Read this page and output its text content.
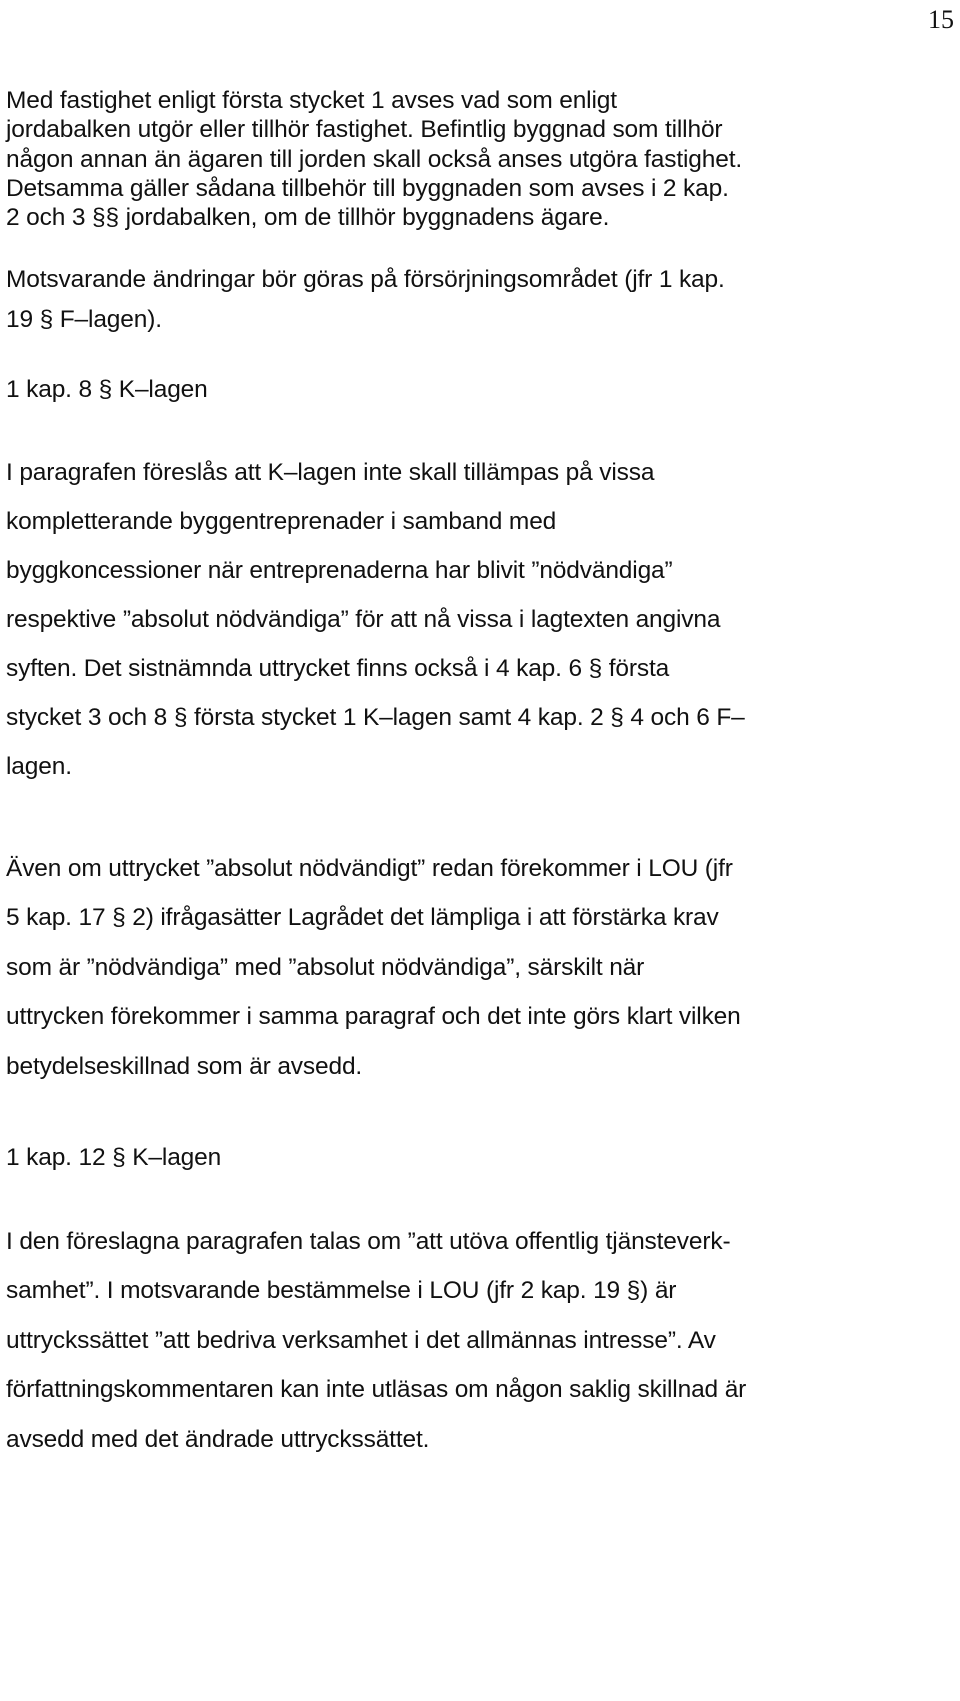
15
Med fastighet enligt första stycket 1 avses vad som enligt
jordabalken utgör eller tillhör fastighet. Befintlig byggnad som tillhör
någon annan än ägaren till jorden skall också anses utgöra fastighet.
Detsamma gäller sådana tillbehör till byggnaden som avses i 2 kap.
2 och 3 §§ jordabalken, om de tillhör byggnadens ägare.
Motsvarande ändringar bör göras på försörjningsområdet (jfr 1 kap.
19 § F–lagen).
1 kap. 8 § K–lagen
I paragrafen föreslås att K–lagen inte skall tillämpas på vissa
kompletterande byggentreprenader i samband med
byggkoncessioner när entreprenaderna har blivit ”nödvändiga”
respektive ”absolut nödvändiga” för att nå vissa i lagtexten angivna
syften. Det sistnämnda uttrycket finns också i 4 kap. 6 § första
stycket 3 och 8 § första stycket 1 K–lagen samt 4 kap. 2 § 4 och 6 F–
lagen.
Även om uttrycket ”absolut nödvändigt” redan förekommer i LOU (jfr
5 kap. 17 § 2) ifrågasätter Lagrådet det lämpliga i att förstärka krav
som är ”nödvändiga” med ”absolut nödvändiga”, särskilt när
uttrycken förekommer i samma paragraf och det inte görs klart vilken
betydelseskillnad som är avsedd.
1 kap. 12 § K–lagen
I den föreslagna paragrafen talas om ”att utöva offentlig tjänsteverk-
samhet”. I motsvarande bestämmelse i LOU (jfr 2 kap. 19 §) är
uttryckssättet ”att bedriva verksamhet i det allmännas intresse”. Av
författningskommentaren kan inte utläsas om någon saklig skillnad är
avsedd med det ändrade uttryckssättet.
